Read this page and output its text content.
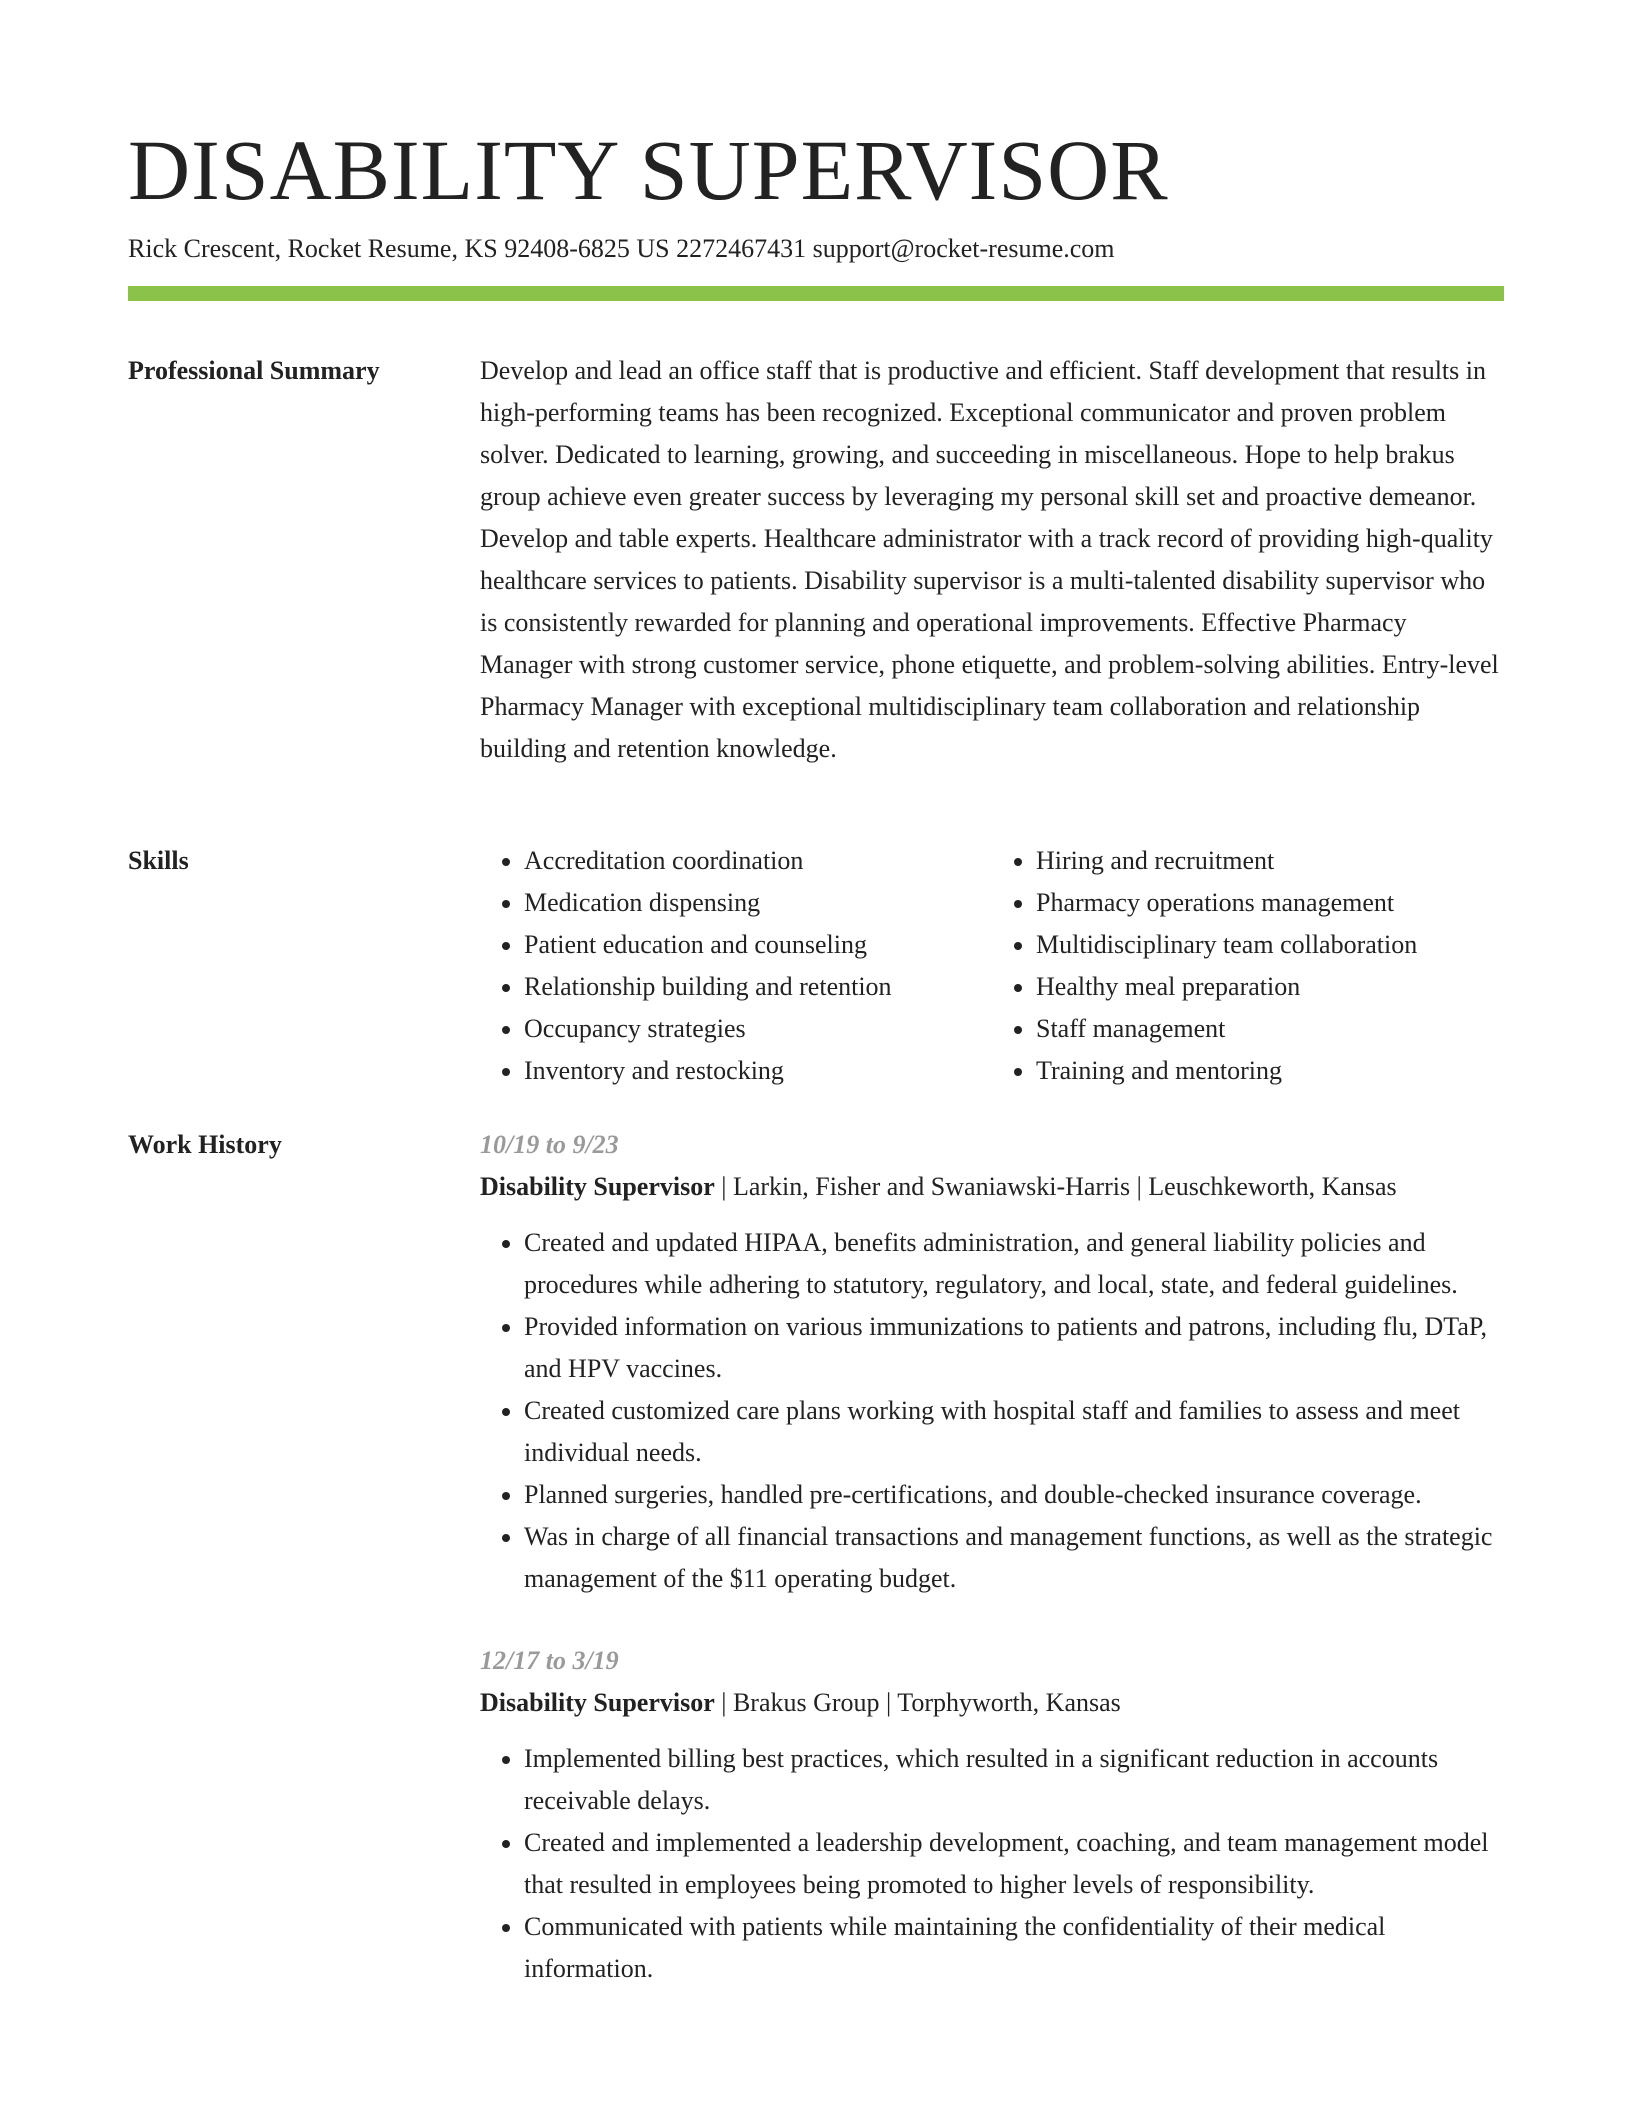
DISABILITY SUPERVISOR
Rick Crescent, Rocket Resume, KS 92408-6825 US 2272467431 support@rocket-resume.com
Professional Summary	Develop and lead an office staff that is productive and efficient. Staff development that results in high-performing teams has been recognized. Exceptional communicator and proven problem solver. Dedicated to learning, growing, and succeeding in miscellaneous. Hope to help brakus group achieve even greater success by leveraging my personal skill set and proactive demeanor. Develop and table experts. Healthcare administrator with a track record of providing high-quality healthcare services to patients. Disability supervisor is a multi-talented disability supervisor who is consistently rewarded for planning and operational improvements. Effective Pharmacy Manager with strong customer service, phone etiquette, and problem-solving abilities. Entry-level Pharmacy Manager with exceptional multidisciplinary team collaboration and relationship building and retention knowledge.

Skills
•	Accreditation coordination
• Medication dispensing
• Patient education and counseling
• Relationship building and retention
• Occupancy strategies
• Inventory and restocking
• Hiring and recruitment
• Pharmacy operations management
• Multidisciplinary team collaboration
• Healthy meal preparation
• Staff management
• Training and mentoring
Work History	10/19 to 9/23

Disability Supervisor | Larkin, Fisher and Swaniawski-Harris | Leuschkeworth, Kansas

• Created and updated HIPAA, benefits administration, and general liability policies and procedures while adhering to statutory, regulatory, and local, state, and federal guidelines.
• Provided information on various immunizations to patients and patrons, including flu, DTaP, and HPV vaccines.
• Created customized care plans working with hospital staff and families to assess and meet individual needs.
• Planned surgeries, handled pre-certifications, and double-checked insurance coverage.
• Was in charge of all financial transactions and management functions, as well as the strategic management of the $11 operating budget.

12/17 to 3/19

Disability Supervisor | Brakus Group | Torphyworth, Kansas

• Implemented billing best practices, which resulted in a significant reduction in accounts receivable delays.
• Created and implemented a leadership development, coaching, and team management model that resulted in employees being promoted to higher levels of responsibility.
• Communicated with patients while maintaining the confidentiality of their medical information.
